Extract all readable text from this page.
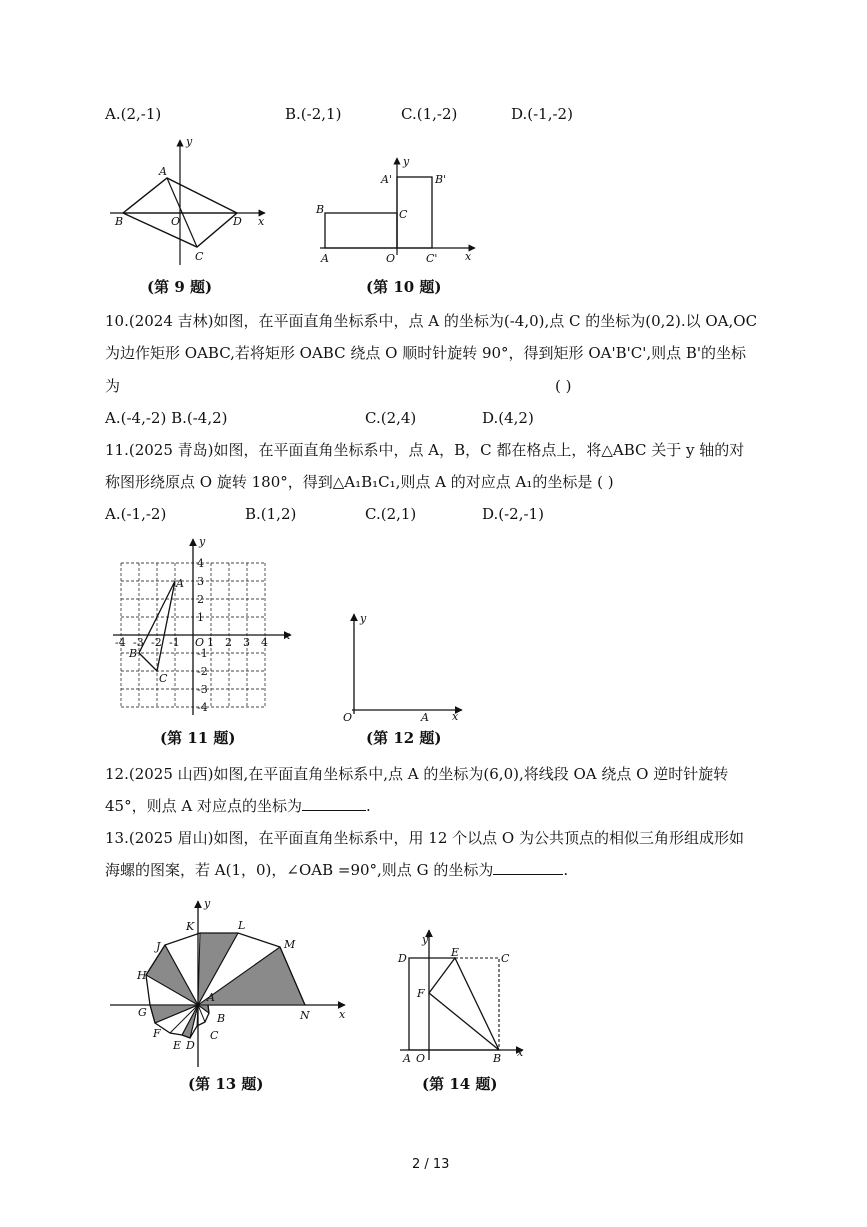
A.(2,-1)	B.(-2,1)	C.(1,-2)	D.(-1,-2)
y
x
A
B	O	D
C
(第 9 题)
y
x
A'	B'
B	C
A	O	C'
(第 10 题)
10.(2024 吉林)如图，在平面直角坐标系中，点 A 的坐标为(-4,0),点 C 的坐标为(0,2).以 OA,OC
为边作矩形 OABC,若将矩形 OABC 绕点 O 顺时针旋转 90°，得到矩形 OA'B'C',则点 B'的坐标
为	( )
A.(-4,-2) B.(-4,2)	C.(2,4)	D.(4,2)
11.(2025 青岛)如图，在平面直角坐标系中，点 A，B，C 都在格点上，将△ABC 关于 y 轴的对
称图形绕原点 O 旋转 180°，得到△A₁B₁C₁,则点 A 的对应点 A₁的坐标是 ( )
A.(-1,-2)	B.(1,2)	C.(2,1)	D.(-2,-1)
y
x
O
A
B
C
-4 -3 -2 -1 1 2 3 4
4
3
2
1
-1
-2
-3
-4
(第 11 题)
y
x
O	A
(第 12 题)
12.(2025 山西)如图,在平面直角坐标系中,点 A 的坐标为(6,0),将线段 OA 绕点 O 逆时针旋转
45°，则点 A 对应点的坐标为	.
13.(2025 眉山)如图，在平面直角坐标系中，用 12 个以点 O 为公共顶点的相似三角形组成形如
海螺的图案，若 A(1，0)，∠OAB =90°,则点 G 的坐标为	.
y
x
K	L
M
J
H
G
F
E D
C
B
A
N
(第 13 题)
y
x
D	E	C
F
A O	B
(第 14 题)
2 / 13
